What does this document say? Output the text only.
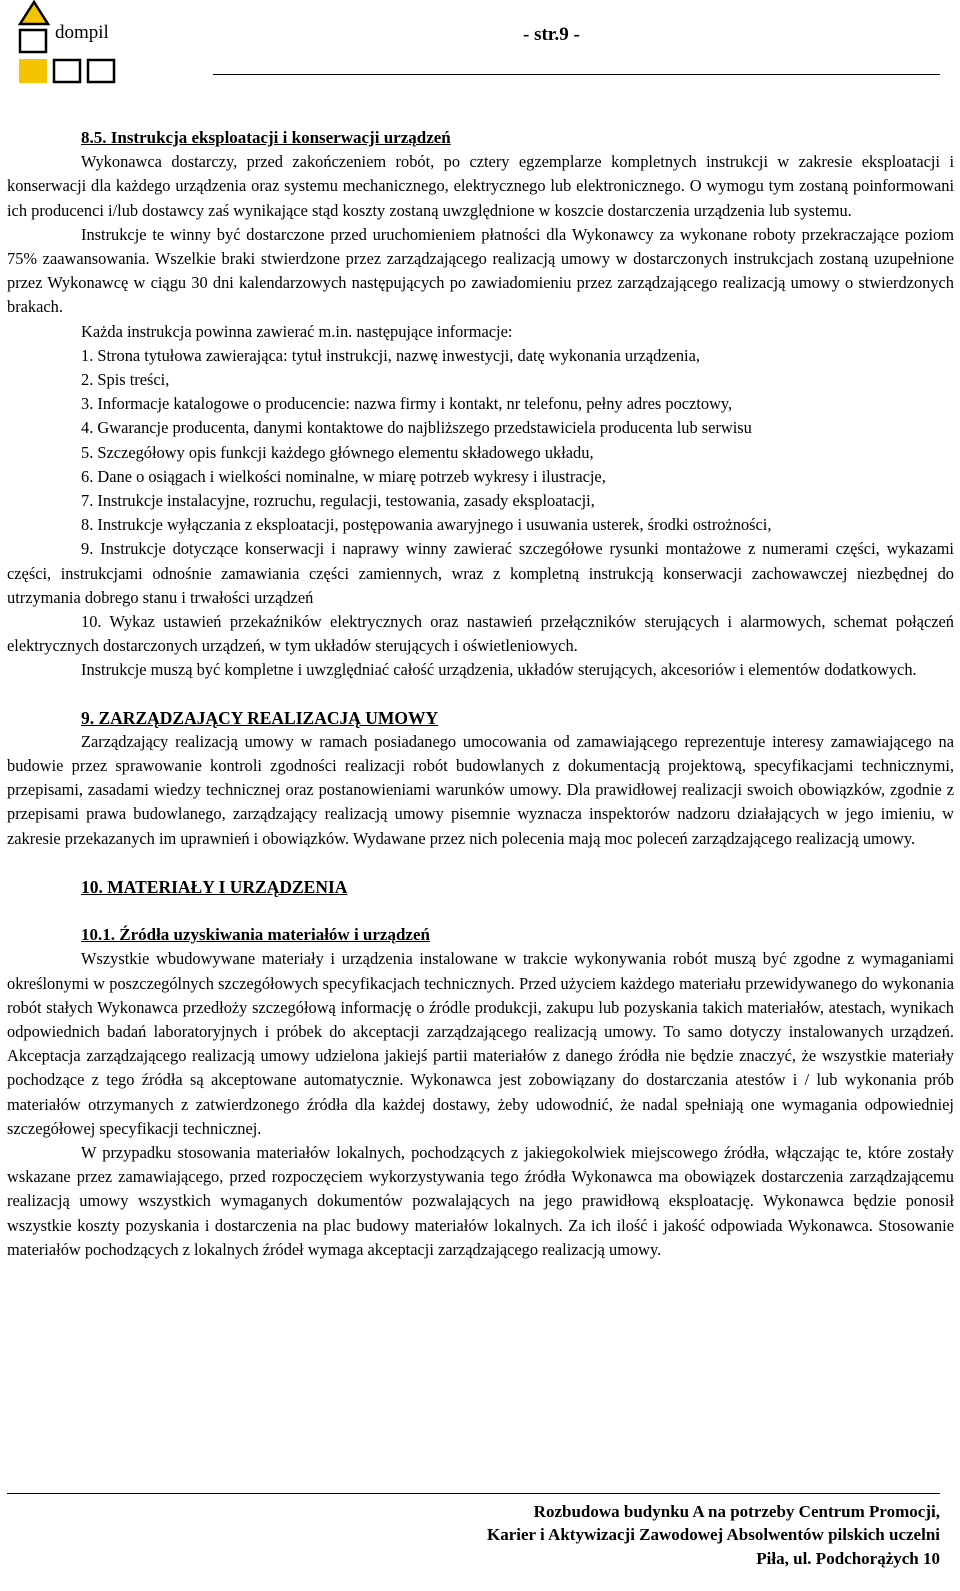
dompil	- str.9 -
8.5. Instrukcja eksploatacji i konserwacji urządzeń

Wykonawca dostarczy, przed zakończeniem robót, po cztery egzemplarze kompletnych instrukcji w zakresie eksploatacji i konserwacji dla każdego urządzenia oraz systemu mechanicznego, elektrycznego lub elektronicznego. O wymogu tym zostaną poinformowani ich producenci i/lub dostawcy zaś wynikające stąd koszty zostaną uwzględnione w koszcie dostarczenia urządzenia lub systemu.

Instrukcje te winny być dostarczone przed uruchomieniem płatności dla Wykonawcy za wykonane roboty przekraczające poziom 75% zaawansowania. Wszelkie braki stwierdzone przez zarządzającego realizacją umowy w dostarczonych instrukcjach zostaną uzupełnione przez Wykonawcę w ciągu 30 dni kalendarzowych następujących po zawiadomieniu przez zarządzającego realizacją umowy o stwierdzonych brakach.

Każda instrukcja powinna zawierać m.in. następujące informacje:

1. Strona tytułowa zawierająca: tytuł instrukcji, nazwę inwestycji, datę wykonania urządzenia,

2. Spis treści,

3. Informacje katalogowe o producencie: nazwa firmy i kontakt, nr telefonu, pełny adres pocztowy,

4. Gwarancje producenta, danymi kontaktowe do najbliższego przedstawiciela producenta lub serwisu

5. Szczegółowy opis funkcji każdego głównego elementu składowego układu,

6. Dane o osiągach i wielkości nominalne, w miarę potrzeb wykresy i ilustracje,

7. Instrukcje instalacyjne, rozruchu, regulacji, testowania, zasady eksploatacji,

8. Instrukcje wyłączania z eksploatacji, postępowania awaryjnego i usuwania usterek, środki ostrożności,

9. Instrukcje dotyczące konserwacji i naprawy winny zawierać szczegółowe rysunki montażowe z numerami części, wykazami części, instrukcjami odnośnie zamawiania części zamiennych, wraz z kompletną instrukcją konserwacji zachowawczej niezbędnej do utrzymania dobrego stanu i trwałości urządzeń

10. Wykaz ustawień przekaźników elektrycznych oraz nastawień przełączników sterujących i alarmowych, schemat połączeń elektrycznych dostarczonych urządzeń, w tym układów sterujących i oświetleniowych.

Instrukcje muszą być kompletne i uwzględniać całość urządzenia, układów sterujących, akcesoriów i elementów dodatkowych.

9. ZARZĄDZAJĄCY REALIZACJĄ UMOWY

Zarządzający realizacją umowy w ramach posiadanego umocowania od zamawiającego reprezentuje interesy zamawiającego na budowie przez sprawowanie kontroli zgodności realizacji robót budowlanych z dokumentacją projektową, specyfikacjami technicznymi, przepisami, zasadami wiedzy technicznej oraz postanowieniami warunków umowy. Dla prawidłowej realizacji swoich obowiązków, zgodnie z przepisami prawa budowlanego, zarządzający realizacją umowy pisemnie wyznacza inspektorów nadzoru działających w jego imieniu, w zakresie przekazanych im uprawnień i obowiązków. Wydawane przez nich polecenia mają moc poleceń zarządzającego realizacją umowy.

10. MATERIAŁY I URZĄDZENIA
10.1. Źródła uzyskiwania materiałów i urządzeń

Wszystkie wbudowywane materiały i urządzenia instalowane w trakcie wykonywania robót muszą być zgodne z wymaganiami określonymi w poszczególnych szczegółowych specyfikacjach technicznych. Przed użyciem każdego materiału przewidywanego do wykonania robót stałych Wykonawca przedłoży szczegółową informację o źródle produkcji, zakupu lub pozyskania takich materiałów, atestach, wynikach odpowiednich badań laboratoryjnych i próbek do akceptacji zarządzającego realizacją umowy. To samo dotyczy instalowanych urządzeń. Akceptacja zarządzającego realizacją umowy udzielona jakiejś partii materiałów z danego źródła nie będzie znaczyć, że wszystkie materiały pochodzące z tego źródła są akceptowane automatycznie. Wykonawca jest zobowiązany do dostarczania atestów i / lub wykonania prób materiałów otrzymanych z zatwierdzonego źródła dla każdej dostawy, żeby udowodnić, że nadal spełniają one wymagania odpowiedniej szczegółowej specyfikacji technicznej.

W przypadku stosowania materiałów lokalnych, pochodzących z jakiegokolwiek miejscowego źródła, włączając te, które zostały wskazane przez zamawiającego, przed rozpoczęciem wykorzystywania tego źródła Wykonawca ma obowiązek dostarczenia zarządzającemu realizacją umowy wszystkich wymaganych dokumentów pozwalających na jego prawidłową eksploatację. Wykonawca będzie ponosił wszystkie koszty pozyskania i dostarczenia na plac budowy materiałów lokalnych. Za ich ilość i jakość odpowiada Wykonawca. Stosowanie materiałów pochodzących z lokalnych źródeł wymaga akceptacji zarządzającego realizacją umowy.

Rozbudowa budynku A na potrzeby Centrum Promocji,
Karier i Aktywizacji Zawodowej Absolwentów pilskich uczelni
Piła, ul. Podchorążych 10
